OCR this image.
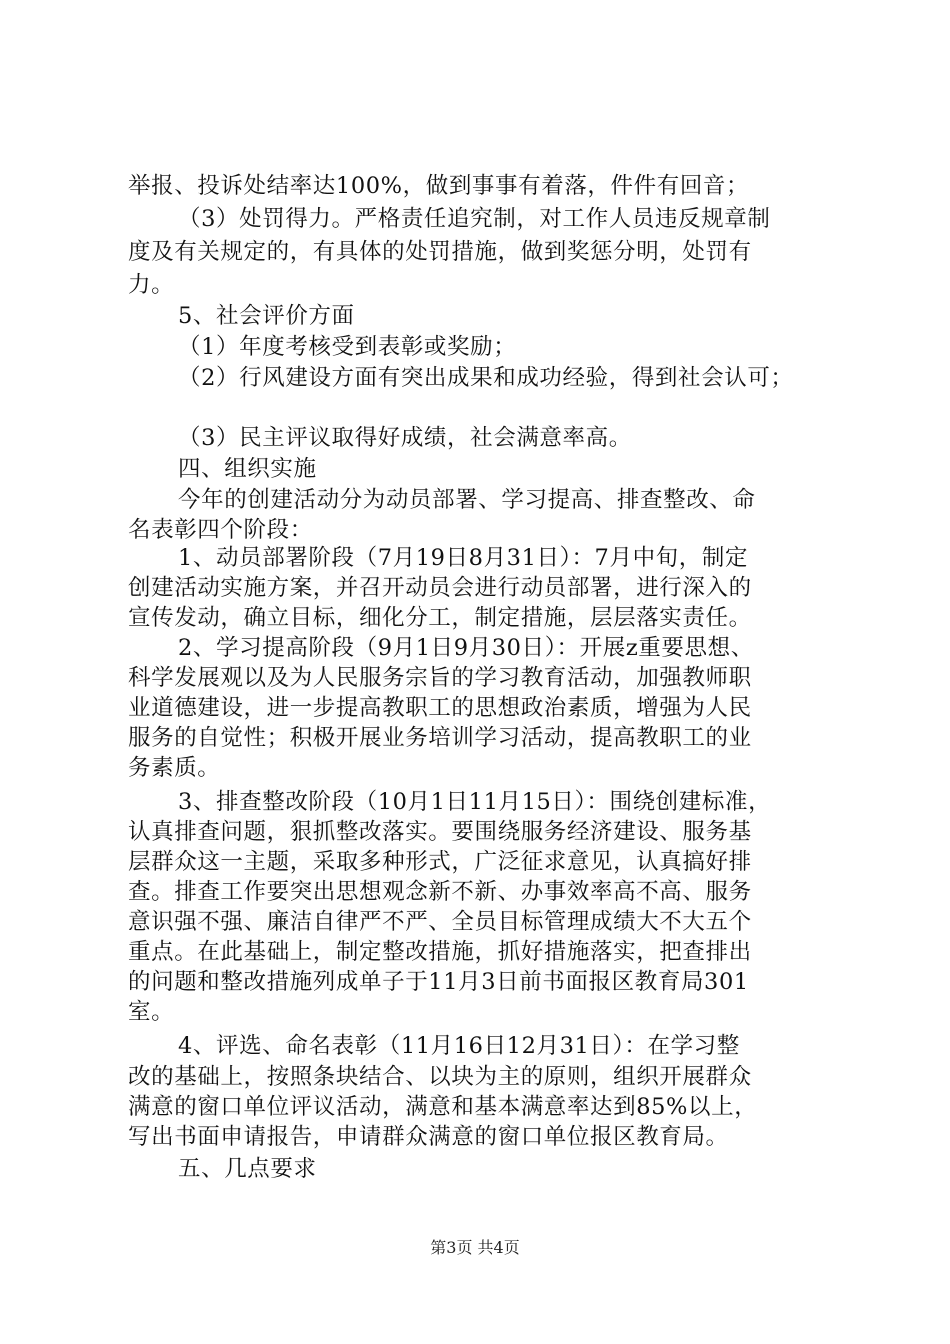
举报、投诉处结率达100%，做到事事有着落，件件有回音；
（3）处罚得力。严格责任追究制，对工作人员违反规章制
度及有关规定的，有具体的处罚措施，做到奖惩分明，处罚有
力。
5、社会评价方面
（1）年度考核受到表彰或奖励；
（2）行风建设方面有突出成果和成功经验，得到社会认可；
（3）民主评议取得好成绩，社会满意率高。
四、组织实施
今年的创建活动分为动员部署、学习提高、排查整改、命
名表彰四个阶段：
1、动员部署阶段（7月19日8月31日）：7月中旬，制定
创建活动实施方案，并召开动员会进行动员部署，进行深入的
宣传发动，确立目标，细化分工，制定措施，层层落实责任。
2、学习提高阶段（9月1日9月30日）：开展z重要思想、
科学发展观以及为人民服务宗旨的学习教育活动，加强教师职
业道德建设，进一步提高教职工的思想政治素质，增强为人民
服务的自觉性；积极开展业务培训学习活动，提高教职工的业
务素质。
3、排查整改阶段（10月1日11月15日）：围绕创建标准，
认真排查问题，狠抓整改落实。要围绕服务经济建设、服务基
层群众这一主题，采取多种形式，广泛征求意见，认真搞好排
查。排查工作要突出思想观念新不新、办事效率高不高、服务
意识强不强、廉洁自律严不严、全员目标管理成绩大不大五个
重点。在此基础上，制定整改措施，抓好措施落实，把查排出
的问题和整改措施列成单子于11月3日前书面报区教育局301
室。
4、评选、命名表彰（11月16日12月31日）：在学习整
改的基础上，按照条块结合、以块为主的原则，组织开展群众
满意的窗口单位评议活动，满意和基本满意率达到85%以上，
写出书面申请报告，申请群众满意的窗口单位报区教育局。
五、几点要求
第3页 共4页
